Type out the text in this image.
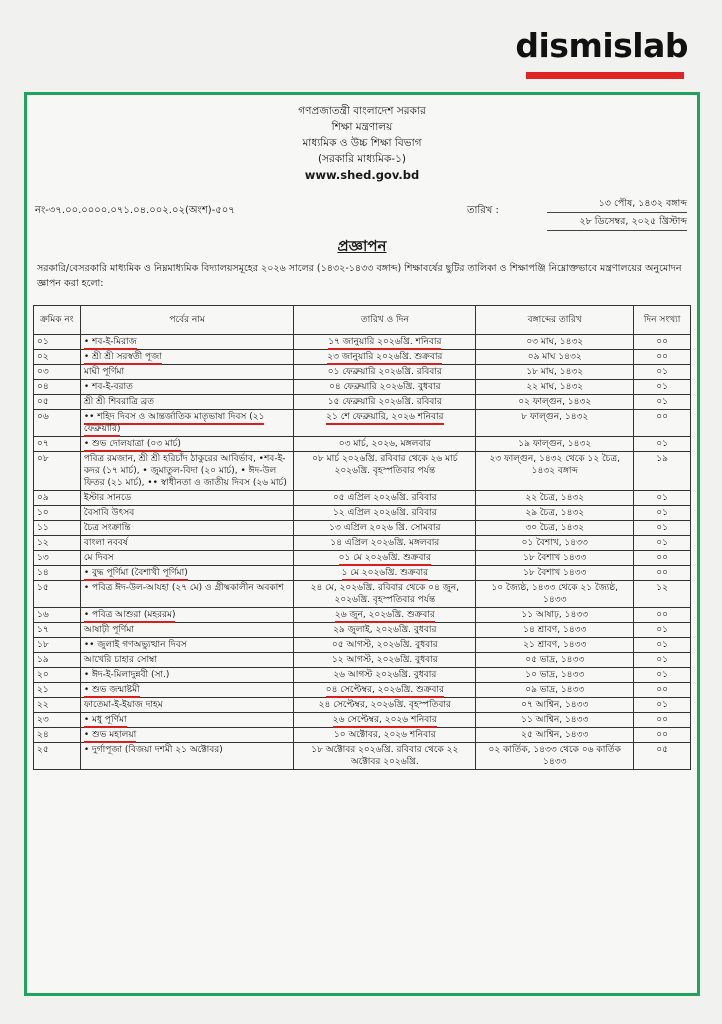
dismislab
গণপ্রজাতন্ত্রী বাংলাদেশ সরকার
শিক্ষা মন্ত্রণালয়
মাধ্যমিক ও উচ্চ শিক্ষা বিভাগ
(সরকারি মাধ্যমিক-১)
www.shed.gov.bd
নং-৩৭.০০.০০০০.০৭১.০৪.০০২.০২(অংশ)-৫০৭	তারিখ :
১৩ পৌষ, ১৪৩২ বঙ্গাব্দ
২৮ ডিসেম্বর, ২০২৫ খ্রিস্টাব্দ
প্রজ্ঞাপন
সরকারি/বেসরকারি মাধ্যমিক ও নিম্নমাধ্যমিক বিদ্যালয়সমূহের ২০২৬ সালের (১৪৩২-১৪৩৩ বঙ্গাব্দ) শিক্ষাবর্ষের ছুটির তালিকা ও শিক্ষাপঞ্জি নিম্নোক্তভাবে মন্ত্রণালয়ের অনুমোদন জ্ঞাপন করা হলো:
ক্রমিক নং	পর্বের নাম	তারিখ ও দিন	বঙ্গাব্দের তারিখ	দিন সংখ্যা
০১	• শব-ই-মিরাজ	১৭ জানুয়ারি ২০২৬খ্রি. শনিবার	০৩ মাঘ, ১৪৩২	০০
০২	• শ্রী শ্রী সরস্বতী পূজা	২৩ জানুয়ারি ২০২৬খ্রি. শুক্রবার	০৯ মাঘ ১৪৩২	০০
০৩	মাঘী পূর্ণিমা	০১ ফেব্রুয়ারি ২০২৬খ্রি. রবিবার	১৮ মাঘ, ১৪৩২	০১
০৪	• শব-ই-বরাত	০৪ ফেব্রুয়ারি ২০২৬খ্রি. বুধবার	২২ মাঘ, ১৪৩২	০১
০৫	শ্রী শ্রী শিবরাত্রি ব্রত	১৫ ফেব্রুয়ারি ২০২৬খ্রি. রবিবার	০২ ফাল্গুন, ১৪৩২	০১
০৬	•• শহিদ দিবস ও আন্তর্জাতিক মাতৃভাষা দিবস (২১ ফেব্রুয়ারি)	২১ শে ফেব্রুয়ারি, ২০২৬ শনিবার	৮ ফাল্গুন, ১৪৩২	০০
০৭	• শুভ দোলযাত্রা (০৩ মার্চ)	০৩ মার্চ, ২০২৬, মঙ্গলবার	১৯ ফাল্গুন, ১৪৩২	০১
০৮	পবিত্র রমজান, শ্রী শ্রী হরিচাঁদ ঠাকুরের আবির্ভাব, •শব-ই-কদর (১৭ মার্চ), • জুমাতুল-বিদা (২০ মার্চ), • ঈদ-উল ফিতর (২১ মার্চ), •• স্বাধীনতা ও জাতীয় দিবস (২৬ মার্চ)	০৮ মার্চ ২০২৬খ্রি. রবিবার থেকে ২৬ মার্চ ২০২৬খ্রি. বৃহস্পতিবার পর্যন্ত	২৩ ফাল্গুন, ১৪৩২ থেকে ১২ চৈত্র, ১৪৩২ বঙ্গাব্দ	১৯
০৯	ইস্টার সানডে	০৫ এপ্রিল ২০২৬খ্রি. রবিবার	২২ চৈত্র, ১৪৩২	০১
১০	বৈসাবি উৎসব	১২ এপ্রিল ২০২৬খ্রি. রবিবার	২৯ চৈত্র, ১৪৩২	০১
১১	চৈত্র সংক্রান্তি	১৩ এপ্রিল ২০২৬ খ্রি. সোমবার	৩০ চৈত্র, ১৪৩২	০১
১২	বাংলা নববর্ষ	১৪ এপ্রিল ২০২৬খ্রি. মঙ্গলবার	০১ বৈশাখ, ১৪৩৩	০১
১৩	মে দিবস	০১ মে ২০২৬খ্রি. শুক্রবার	১৮ বৈশাখ ১৪৩৩	০০
১৪	• বুদ্ধ পূর্ণিমা (বৈশাখী পূর্ণিমা)	১ মে ২০২৬খ্রি. শুক্রবার	১৮ বৈশাখ ১৪৩৩	০০
১৫	• পবিত্র ঈদ-উল-আযহা (২৭ মে) ও গ্রীষ্মকালীন অবকাশ	২৪ মে, ২০২৬খ্রি. রবিবার থেকে ০৪ জুন, ২০২৬খ্রি. বৃহস্পতিবার পর্যন্ত	১০ জ্যৈষ্ঠ, ১৪৩৩ থেকে ২১ জ্যৈষ্ঠ, ১৪৩৩	১২
১৬	• পবিত্র আশুরা (মহররম)	২৬ জুন, ২০২৬খ্রি. শুক্রবার	১১ আষাঢ়, ১৪৩৩	০০
১৭	আষাঢ়ী পূর্ণিমা	২৯ জুলাই, ২০২৬খ্রি. বুধবার	১৪ শ্রাবণ, ১৪৩৩	০১
১৮	•• জুলাই গণঅভ্যুত্থান দিবস	০৫ আগস্ট, ২০২৬খ্রি. বুধবার	২১ শ্রাবণ, ১৪৩৩	০১
১৯	আখেরি চাহার সোম্বা	১২ আগস্ট, ২০২৬খ্রি. বুধবার	০৫ ভাদ্র, ১৪৩৩	০১
২০	• ঈদ-ই-মিলাদুন্নবী (সা.)	২৬ আগস্ট ২০২৬খ্রি. বুধবার	১০ ভাদ্র, ১৪৩৩	০১
২১	• শুভ জন্মাষ্টমী	০৪ সেপ্টেম্বর, ২০২৬খ্রি. শুক্রবার	০৯ ভাদ্র, ১৪৩৩	০০
২২	ফাতেমা-ই-ইয়াজ দাহম	২৪ সেপ্টেম্বর, ২০২৬খ্রি. বৃহস্পতিবার	০৭ আশ্বিন, ১৪৩৩	০১
২৩	• মধু পূর্ণিমা	২৬ সেপ্টেম্বর, ২০২৬ শনিবার	১১ আশ্বিন, ১৪৩৩	০০
২৪	• শুভ মহালয়া	১০ অক্টোবর, ২০২৬ শনিবার	২৫ আশ্বিন, ১৪৩৩	০০
২৫	• দুর্গাপূজা (বিজয়া দশমী ২১ অক্টোবর)	১৮ অক্টোবর ২০২৬খ্রি. রবিবার থেকে ২২ অক্টোবর ২০২৬খ্রি.	০২ কার্তিক, ১৪৩৩ থেকে ০৬ কার্তিক ১৪৩৩	০৫
